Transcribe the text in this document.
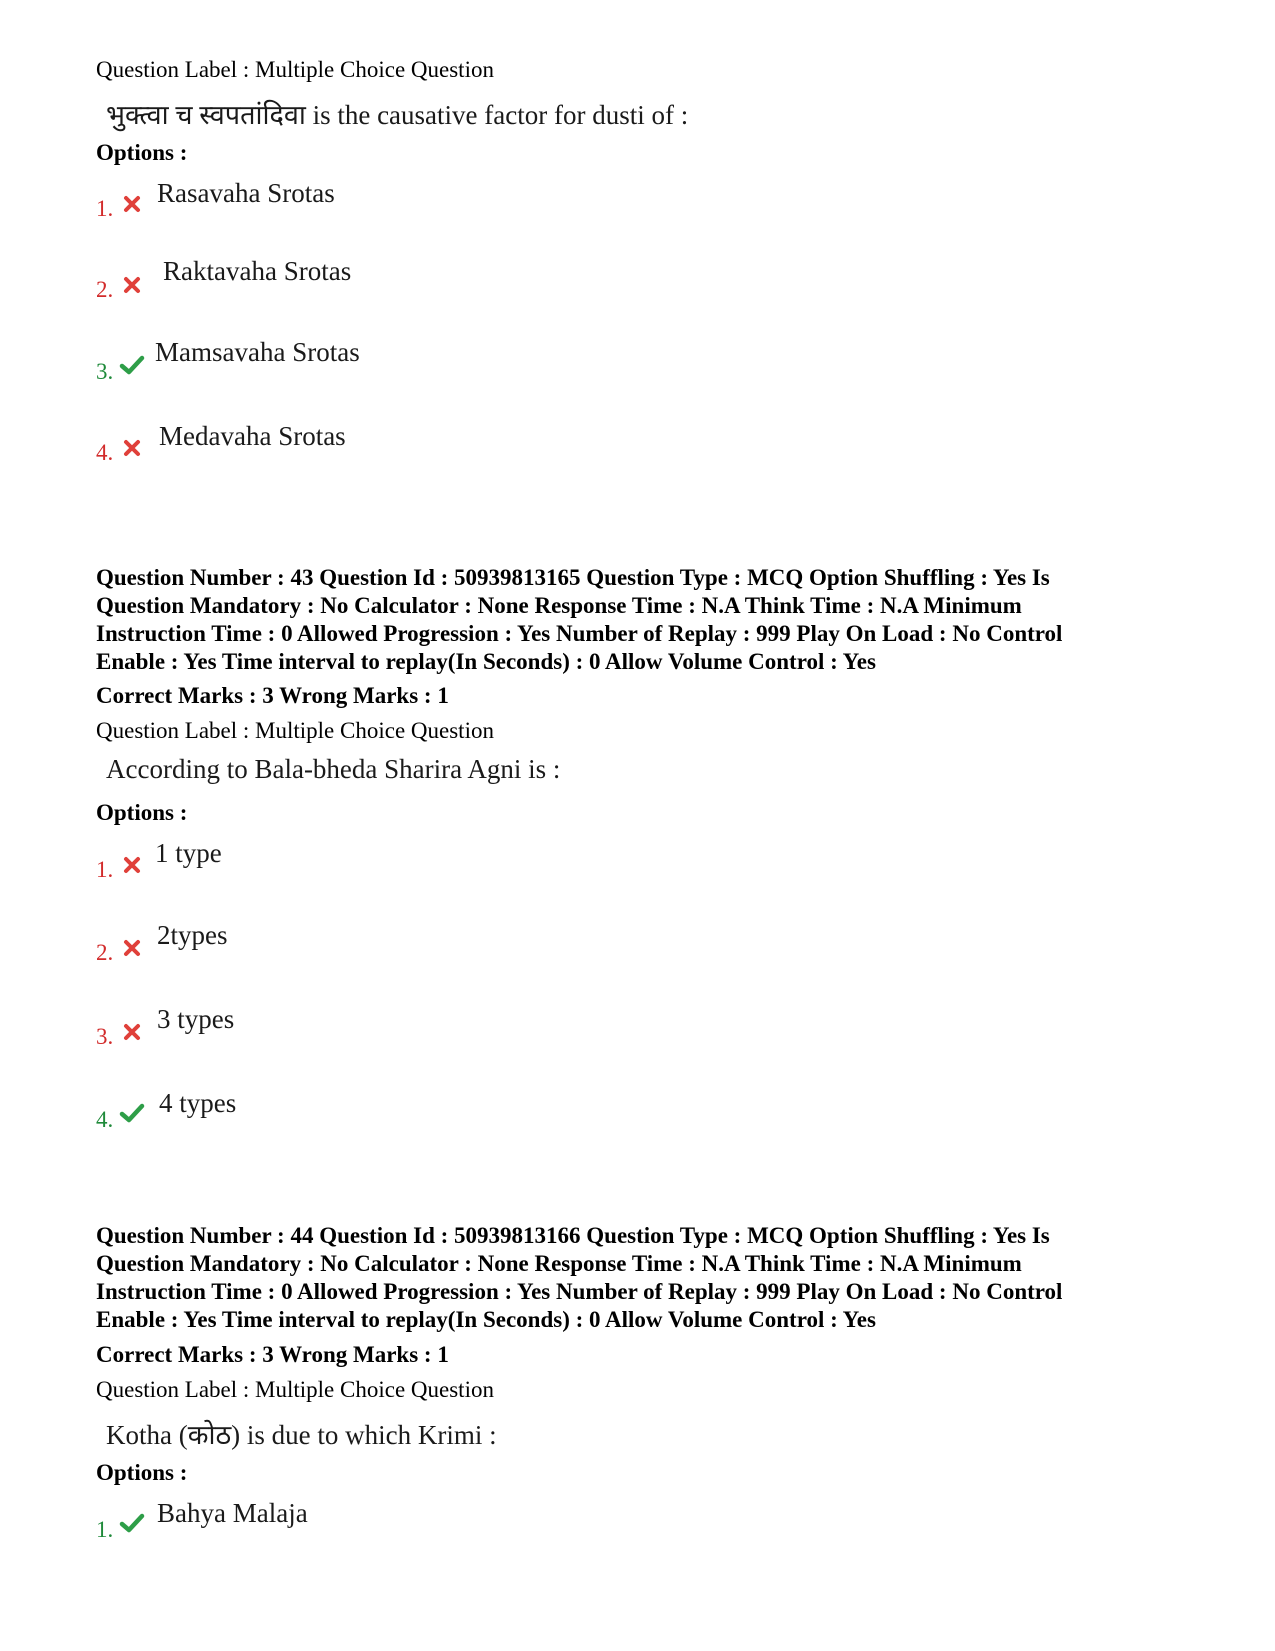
Question Label : Multiple Choice Question
भुक्त्वा च स्वपतांदिवा is the causative factor for dusti of :
Options :
1.
Rasavaha Srotas
2.
Raktavaha Srotas
3.
Mamsavaha Srotas
4.
Medavaha Srotas
Question Number : 43 Question Id : 50939813165 Question Type : MCQ Option Shuffling : Yes Is
Question Mandatory : No Calculator : None Response Time : N.A Think Time : N.A Minimum
Instruction Time : 0 Allowed Progression : Yes Number of Replay : 999 Play On Load : No Control
Enable : Yes Time interval to replay(In Seconds) : 0 Allow Volume Control : Yes
Correct Marks : 3 Wrong Marks : 1
Question Label : Multiple Choice Question
According to Bala-bheda Sharira Agni is :
Options :
1.
1 type
2.
2types
3.
3 types
4.
4 types
Question Number : 44 Question Id : 50939813166 Question Type : MCQ Option Shuffling : Yes Is
Question Mandatory : No Calculator : None Response Time : N.A Think Time : N.A Minimum
Instruction Time : 0 Allowed Progression : Yes Number of Replay : 999 Play On Load : No Control
Enable : Yes Time interval to replay(In Seconds) : 0 Allow Volume Control : Yes
Correct Marks : 3 Wrong Marks : 1
Question Label : Multiple Choice Question
Kotha (कोठ) is due to which Krimi :
Options :
1.
Bahya Malaja
